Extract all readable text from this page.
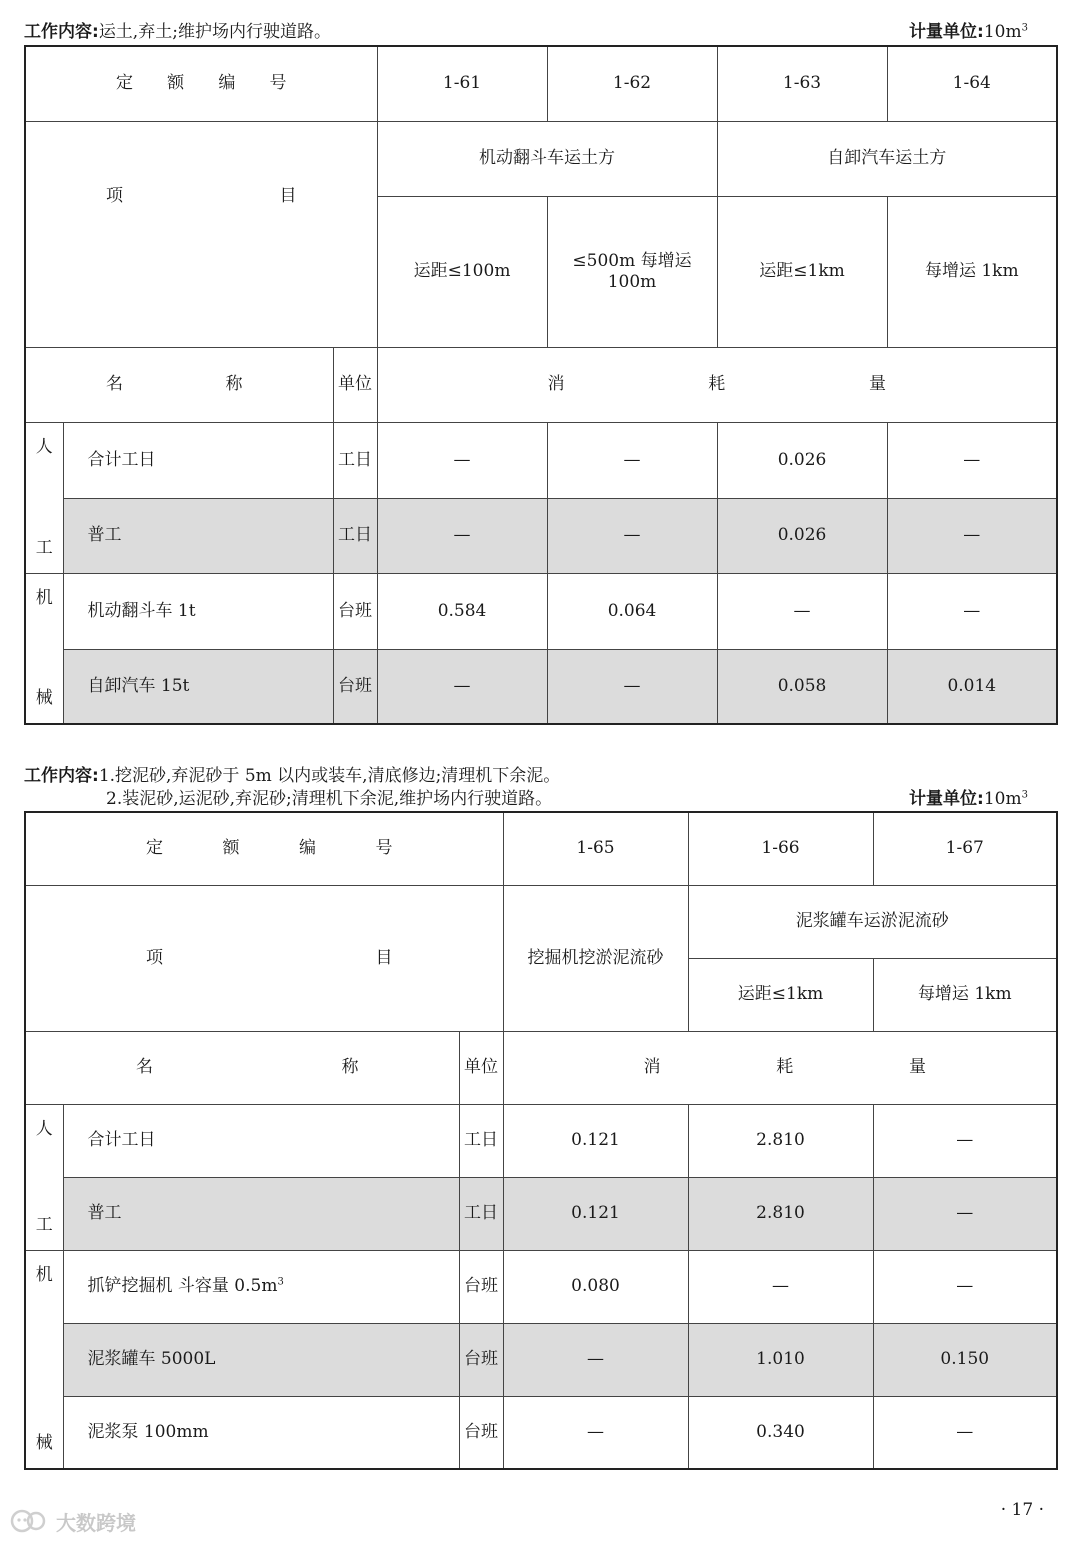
工作内容:运土,弃土;维护场内行驶道路。	计量单位$:10m^3$
定 额 编 号			1-61	1-62	1-63	1-64

项 目			机动翻斗车运土方		自卸汽车运土方	
			运距≤100m	≤500m 每增运 100m	运距≤1km	每增运 1km

名 称		单位	消 耗 量			

人
工	合计工日	工日	—	—	0.026	—
	普工	工日	—	—	0.026	—

机
械	机动翻斗车 1t	台班	0.584	0.064	—	—
	自卸汽车 15t	台班	—	—	0.058	0.014
工作内容:1.挖泥砂,弃泥砂于 5m 以内或装车,清底修边;清理机下余泥。
2.装泥砂,运泥砂,弃泥砂;清理机下余泥,维护场内行驶道路。	计量单位$:10m^3$
定 额 编 号			1-65	1-66	1-67

项 目			挖掘机挖淤泥流砂	泥浆罐车运淤泥流砂	
				运距≤1km	每增运 1km

名 称		单位	消 耗 量		

人
工	合计工日	工日	0.121	2.810	—
	普工	工日	0.121	2.810	—

机
械	抓铲挖掘机 斗容量 $0.5m^3$	台班	0.080	—	—
	泥浆罐车 5000L	台班	—	1.010	0.150
	泥浆泵 100mm	台班	—	0.340	—
大数跨境
· 17 ·
